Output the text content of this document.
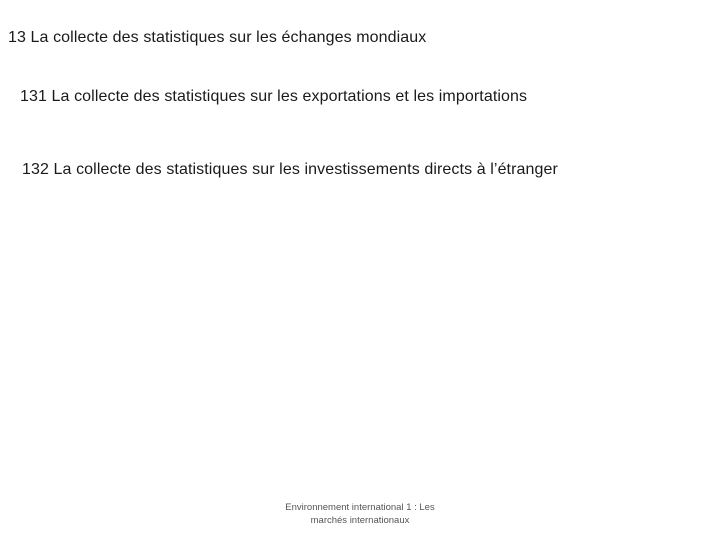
13 La collecte des statistiques sur les échanges mondiaux
131 La collecte des statistiques sur les exportations et les importations
132 La collecte des statistiques sur les investissements directs à l’étranger
Environnement international 1 : Les
marchés internationaux
